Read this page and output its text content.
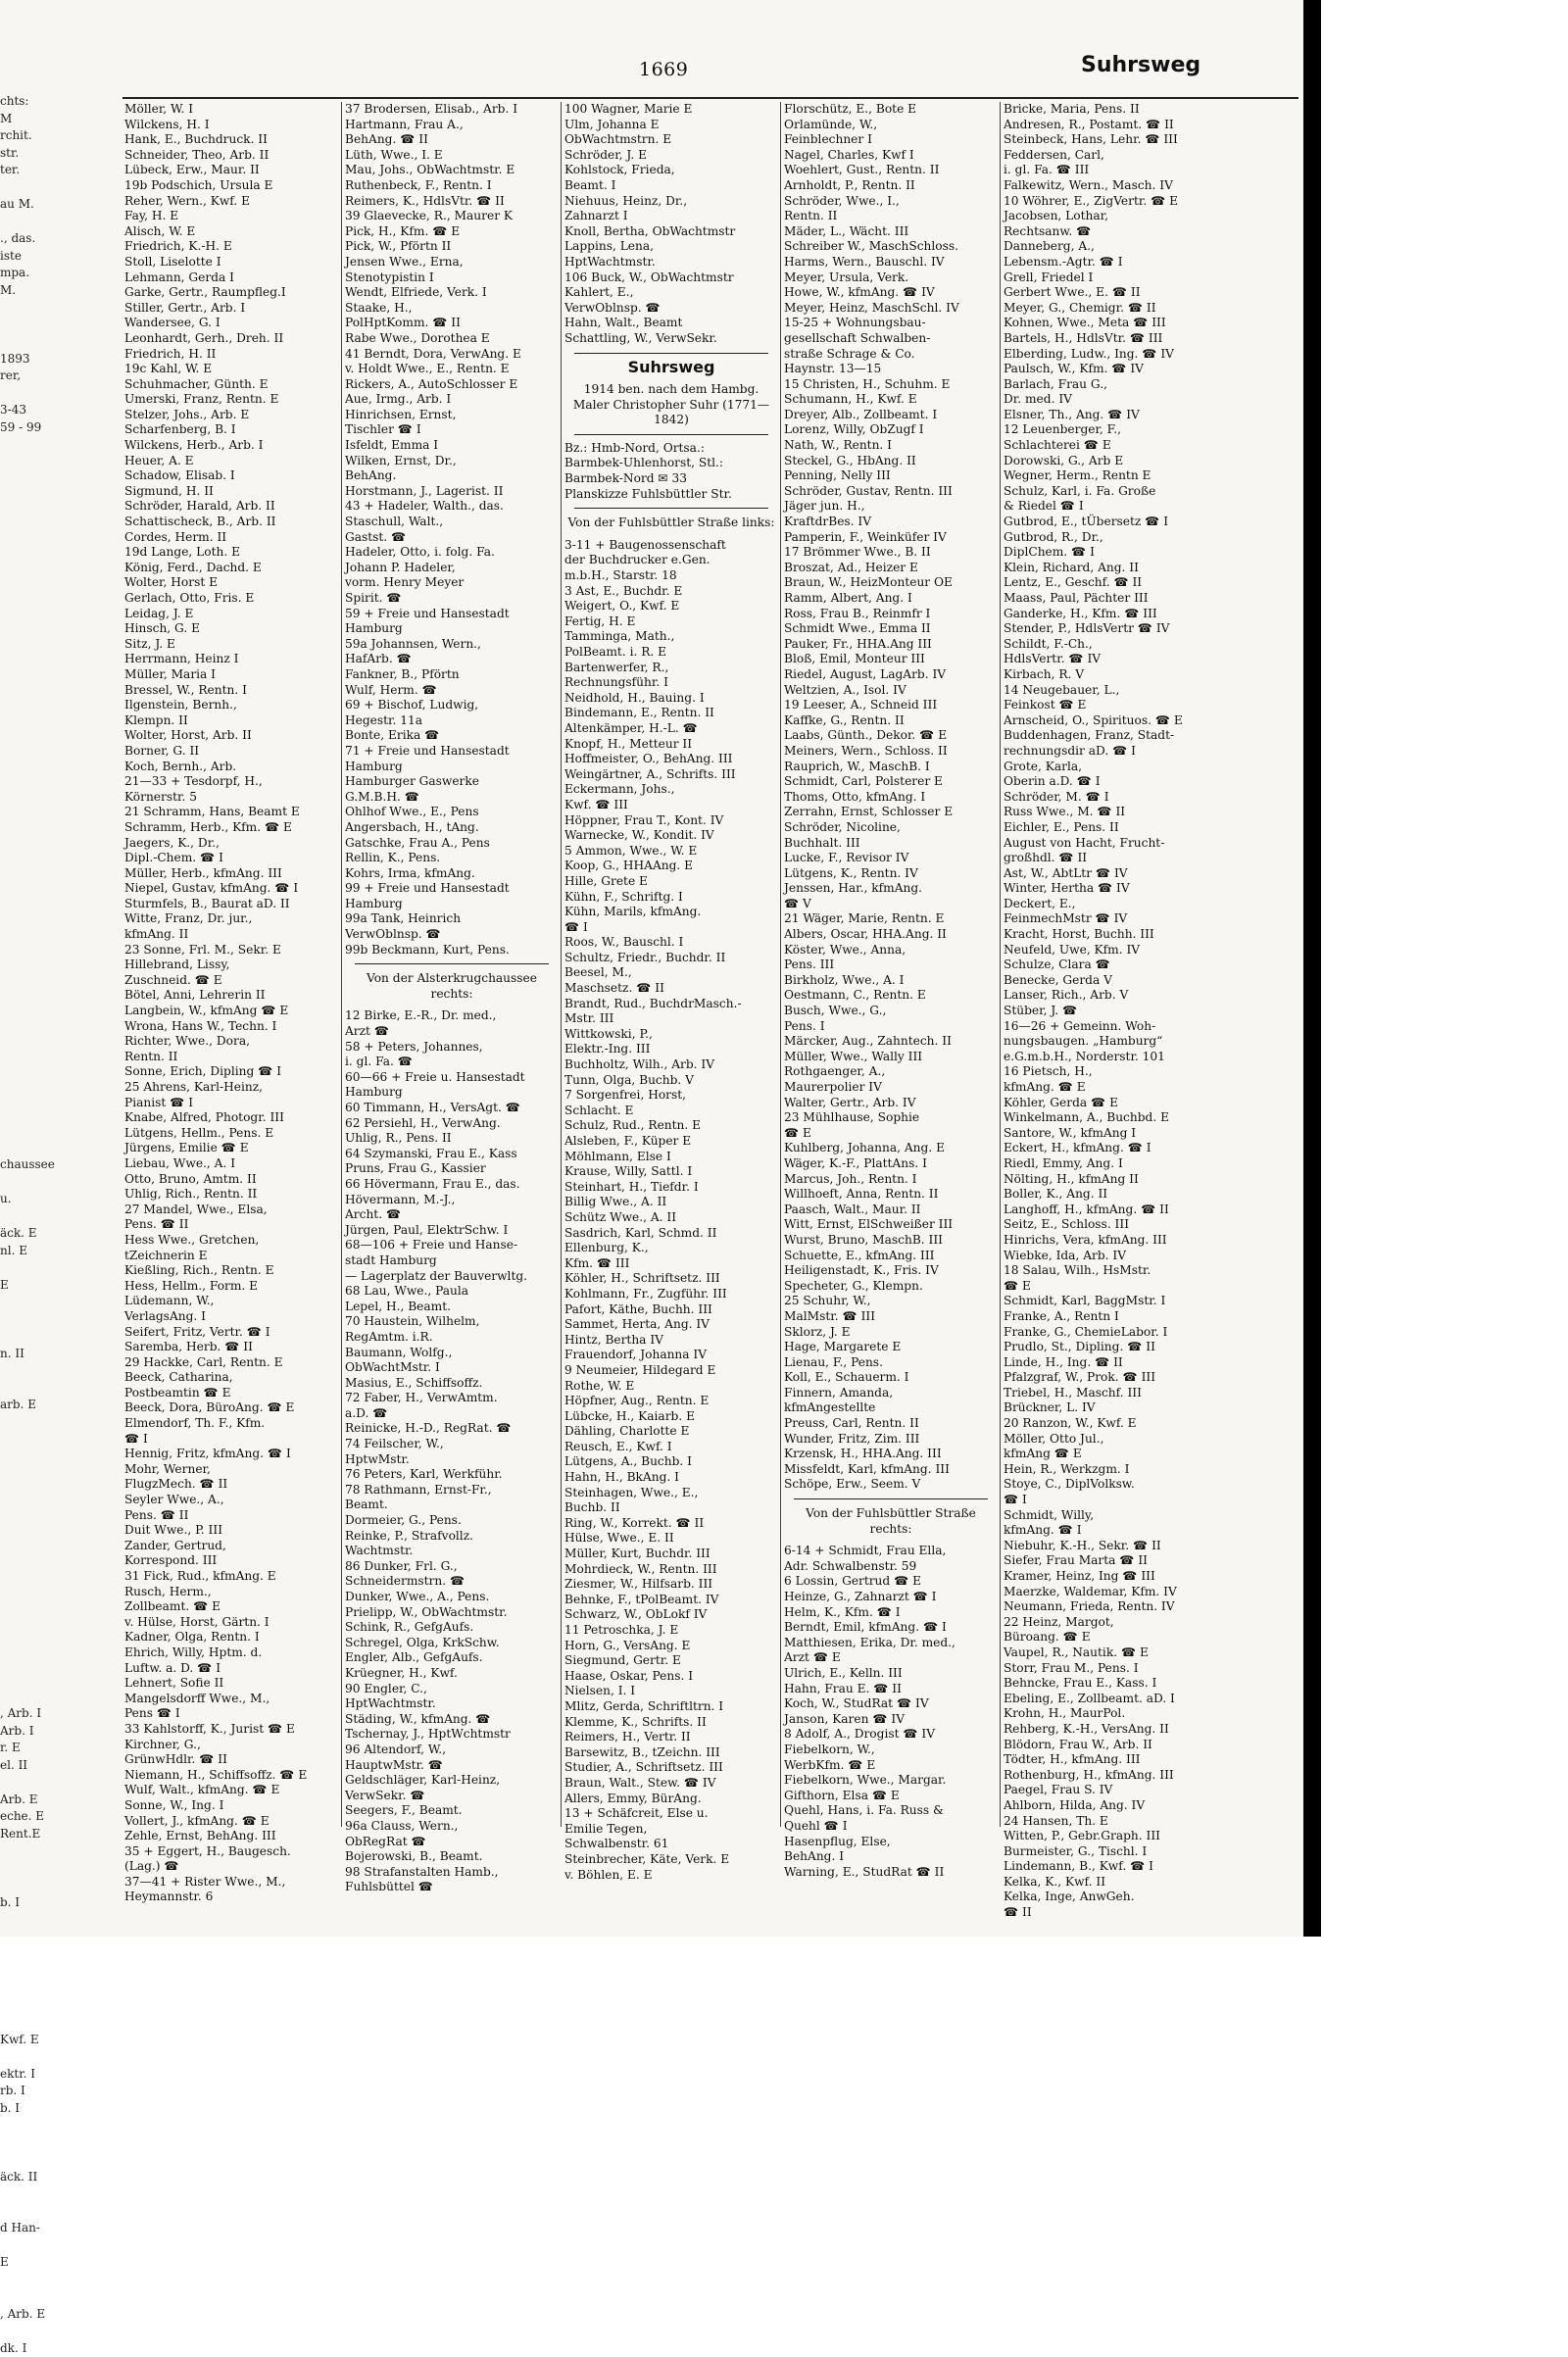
chts:
M
rchit.
str.
ter.
au M.
., das.
iste
mpa.
M.
1893
rer,
3-43
59 - 99
chaussee
u.
äck. E
nl. E
E
n. II
arb. E
, Arb. I
Arb. I
r. E
el. II
Arb. E
eche. E
Rent.E
b. I
Kwf. E
ektr. I
rb. I
b. I
äck. II
d Han-
E
, Arb. E
dk. I
1669	Suhrsweg
Möller, W. I
Wilckens, H. I
Hank, E., Buchdruck. II
Schneider, Theo, Arb. II
Lübeck, Erw., Maur. II
19b Podschich, Ursula E
Reher, Wern., Kwf. E
Fay, H. E
Alisch, W. E
Friedrich, K.-H. E
Stoll, Liselotte I
Lehmann, Gerda I
Garke, Gertr., Raumpfleg.I
Stiller, Gertr., Arb. I
Wandersee, G. I
Leonhardt, Gerh., Dreh. II
Friedrich, H. II
19c Kahl, W. E
Schuhmacher, Günth. E
Umerski, Franz, Rentn. E
Stelzer, Johs., Arb. E
Scharfenberg, B. I
Wilckens, Herb., Arb. I
Heuer, A. E
Schadow, Elisab. I
Sigmund, H. II
Schröder, Harald, Arb. II
Schattischeck, B., Arb. II
Cordes, Herm. II
19d Lange, Loth. E
König, Ferd., Dachd. E
Wolter, Horst E
Gerlach, Otto, Fris. E
Leidag, J. E
Hinsch, G. E
Sitz, J. E
Herrmann, Heinz I
Müller, Maria I
Bressel, W., Rentn. I
Ilgenstein, Bernh.,
Klempn. II
Wolter, Horst, Arb. II
Borner, G. II
Koch, Bernh., Arb.
21—33 + Tesdorpf, H.,
Körnerstr. 5
21 Schramm, Hans, Beamt E
Schramm, Herb., Kfm. ☎ E
Jaegers, K., Dr.,
Dipl.-Chem. ☎ I
Müller, Herb., kfmAng. III
Niepel, Gustav, kfmAng. ☎ I
Sturmfels, B., Baurat aD. II
Witte, Franz, Dr. jur.,
kfmAng. II
23 Sonne, Frl. M., Sekr. E
Hillebrand, Lissy,
Zuschneid. ☎ E
Bötel, Anni, Lehrerin II
Langbein, W., kfmAng ☎ E
Wrona, Hans W., Techn. I
Richter, Wwe., Dora,
Rentn. II
Sonne, Erich, Dipling ☎ I
25 Ahrens, Karl-Heinz,
Pianist ☎ I
Knabe, Alfred, Photogr. III
Lütgens, Hellm., Pens. E
Jürgens, Emilie ☎ E
Liebau, Wwe., A. I
Otto, Bruno, Amtm. II
Uhlig, Rich., Rentn. II
27 Mandel, Wwe., Elsa,
Pens. ☎ II
Hess Wwe., Gretchen,
tZeichnerin E
Kießling, Rich., Rentn. E
Hess, Hellm., Form. E
Lüdemann, W.,
VerlagsAng. I
Seifert, Fritz, Vertr. ☎ I
Saremba, Herb. ☎ II
29 Hackke, Carl, Rentn. E
Beeck, Catharina,
Postbeamtin ☎ E
Beeck, Dora, BüroAng. ☎ E
Elmendorf, Th. F., Kfm.
☎ I
Hennig, Fritz, kfmAng. ☎ I
Mohr, Werner,
FlugzMech. ☎ II
Seyler Wwe., A.,
Pens. ☎ II
Duit Wwe., P. III
Zander, Gertrud,
Korrespond. III
31 Fick, Rud., kfmAng. E
Rusch, Herm.,
Zollbeamt. ☎ E
v. Hülse, Horst, Gärtn. I
Kadner, Olga, Rentn. I
Ehrich, Willy, Hptm. d.
Luftw. a. D. ☎ I
Lehnert, Sofie II
Mangelsdorff Wwe., M.,
Pens ☎ I
33 Kahlstorff, K., Jurist ☎ E
Kirchner, G.,
GrünwHdlr. ☎ II
Niemann, H., Schiffsoffz. ☎ E
Wulf, Walt., kfmAng. ☎ E
Sonne, W., Ing. I
Vollert, J., kfmAng. ☎ E
Zehle, Ernst, BehAng. III
35 + Eggert, H., Baugesch.
(Lag.) ☎
37—41 + Rister Wwe., M.,
Heymannstr. 6
37 Brodersen, Elisab., Arb. I
Hartmann, Frau A.,
BehAng. ☎ II
Lüth, Wwe., I. E
Mau, Johs., ObWachtmstr. E
Ruthenbeck, F., Rentn. I
Reimers, K., HdlsVtr. ☎ II
39 Glaevecke, R., Maurer K
Pick, H., Kfm. ☎ E
Pick, W., Pförtn II
Jensen Wwe., Erna,
Stenotypistin I
Wendt, Elfriede, Verk. I
Staake, H.,
PolHptKomm. ☎ II
Rabe Wwe., Dorothea E
41 Berndt, Dora, VerwAng. E
v. Holdt Wwe., E., Rentn. E
Rickers, A., AutoSchlosser E
Aue, Irmg., Arb. I
Hinrichsen, Ernst,
Tischler ☎ I
Isfeldt, Emma I
Wilken, Ernst, Dr.,
BehAng.
Horstmann, J., Lagerist. II
43 + Hadeler, Walth., das.
Staschull, Walt.,
Gastst. ☎
Hadeler, Otto, i. folg. Fa.
Johann P. Hadeler,
vorm. Henry Meyer
Spirit. ☎
59 + Freie und Hansestadt
Hamburg
59a Johannsen, Wern.,
HafArb. ☎
Fankner, B., Pförtn
Wulf, Herm. ☎
69 + Bischof, Ludwig,
Hegestr. 11a
Bonte, Erika ☎
71 + Freie und Hansestadt
Hamburg
Hamburger Gaswerke
G.M.B.H. ☎
Ohlhof Wwe., E., Pens
Angersbach, H., tAng.
Gatschke, Frau A., Pens
Rellin, K., Pens.
Kohrs, Irma, kfmAng.
99 + Freie und Hansestadt
Hamburg
99a Tank, Heinrich
VerwOblnsp. ☎
99b Beckmann, Kurt, Pens.
Von der Alsterkrugchaussee rechts:
12 Birke, E.-R., Dr. med.,
Arzt ☎
58 + Peters, Johannes,
i. gl. Fa. ☎
60—66 + Freie u. Hansestadt
Hamburg
60 Timmann, H., VersAgt. ☎
62 Persiehl, H., VerwAng.
Uhlig, R., Pens. II
64 Szymanski, Frau E., Kass
Pruns, Frau G., Kassier
66 Hövermann, Frau E., das.
Hövermann, M.-J.,
Archt. ☎
Jürgen, Paul, ElektrSchw. I
68—106 + Freie und Hanse-
stadt Hamburg
— Lagerplatz der Bauverwltg.
68 Lau, Wwe., Paula
Lepel, H., Beamt.
70 Haustein, Wilhelm,
RegAmtm. i.R.
Baumann, Wolfg.,
ObWachtMstr. I
Masius, E., Schiffsoffz.
72 Faber, H., VerwAmtm.
a.D. ☎
Reinicke, H.-D., RegRat. ☎
74 Feilscher, W.,
HptwMstr.
76 Peters, Karl, Werkführ.
78 Rathmann, Ernst-Fr.,
Beamt.
Dormeier, G., Pens.
Reinke, P., Strafvollz.
Wachtmstr.
86 Dunker, Frl. G.,
Schneidermstrn. ☎
Dunker, Wwe., A., Pens.
Prielipp, W., ObWachtmstr.
Schink, R., GefgAufs.
Schregel, Olga, KrkSchw.
Engler, Alb., GefgAufs.
Krüegner, H., Kwf.
90 Engler, C.,
HptWachtmstr.
Städing, W., kfmAng. ☎
Tschernay, J., HptWchtmstr
96 Altendorf, W.,
HauptwMstr. ☎
Geldschläger, Karl-Heinz,
VerwSekr. ☎
Seegers, F., Beamt.
96a Clauss, Wern.,
ObRegRat ☎
Bojerowski, B., Beamt.
98 Strafanstalten Hamb.,
Fuhlsbüttel ☎
100 Wagner, Marie E
Ulm, Johanna E
ObWachtmstrn. E
Schröder, J. E
Kohlstock, Frieda,
Beamt. I
Niehuus, Heinz, Dr.,
Zahnarzt I
Knoll, Bertha, ObWachtmstr
Lappins, Lena,
HptWachtmstr.
106 Buck, W., ObWachtmstr
Kahlert, E.,
VerwOblnsp. ☎
Hahn, Walt., Beamt
Schattling, W., VerwSekr.
Suhrsweg
1914 ben. nach dem Hambg. Maler Christopher Suhr (1771—1842)
Bz.: Hmb-Nord, Ortsa.:
Barmbek-Uhlenhorst, Stl.:
Barmbek-Nord ✉ 33
Planskizze Fuhlsbüttler Str.
Von der Fuhlsbüttler Straße links:
3-11 + Baugenossenschaft
der Buchdrucker e.Gen.
m.b.H., Starstr. 18
3 Ast, E., Buchdr. E
Weigert, O., Kwf. E
Fertig, H. E
Tamminga, Math.,
PolBeamt. i. R. E
Bartenwerfer, R.,
Rechnungsführ. I
Neidhold, H., Bauing. I
Bindemann, E., Rentn. II
Altenkämper, H.-L. ☎
Knopf, H., Metteur II
Hoffmeister, O., BehAng. III
Weingärtner, A., Schrifts. III
Eckermann, Johs.,
Kwf. ☎ III
Höppner, Frau T., Kont. IV
Warnecke, W., Kondit. IV
5 Ammon, Wwe., W. E
Koop, G., HHAAng. E
Hille, Grete E
Kühn, F., Schriftg. I
Kühn, Marils, kfmAng.
☎ I
Roos, W., Bauschl. I
Schultz, Friedr., Buchdr. II
Beesel, M.,
Maschsetz. ☎ II
Brandt, Rud., BuchdrMasch.-
Mstr. III
Wittkowski, P.,
Elektr.-Ing. III
Buchholtz, Wilh., Arb. IV
Tunn, Olga, Buchb. V
7 Sorgenfrei, Horst,
Schlacht. E
Schulz, Rud., Rentn. E
Alsleben, F., Küper E
Möhlmann, Else I
Krause, Willy, Sattl. I
Steinhart, H., Tiefdr. I
Billig Wwe., A. II
Schütz Wwe., A. II
Sasdrich, Karl, Schmd. II
Ellenburg, K.,
Kfm. ☎ III
Köhler, H., Schriftsetz. III
Kohlmann, Fr., Zugführ. III
Pafort, Käthe, Buchh. III
Sammet, Herta, Ang. IV
Hintz, Bertha IV
Frauendorf, Johanna IV
9 Neumeier, Hildegard E
Rothe, W. E
Höpfner, Aug., Rentn. E
Lübcke, H., Kaiarb. E
Dähling, Charlotte E
Reusch, E., Kwf. I
Lütgens, A., Buchb. I
Hahn, H., BkAng. I
Steinhagen, Wwe., E.,
Buchb. II
Ring, W., Korrekt. ☎ II
Hülse, Wwe., E. II
Müller, Kurt, Buchdr. III
Mohrdieck, W., Rentn. III
Ziesmer, W., Hilfsarb. III
Behnke, F., tPolBeamt. IV
Schwarz, W., ObLokf IV
11 Petroschka, J. E
Horn, G., VersAng. E
Siegmund, Gertr. E
Haase, Oskar, Pens. I
Nielsen, I. I
Mlitz, Gerda, Schriftltrn. I
Klemme, K., Schrifts. II
Reimers, H., Vertr. II
Barsewitz, B., tZeichn. III
Studier, A., Schriftsetz. III
Braun, Walt., Stew. ☎ IV
Allers, Emmy, BürAng.
13 + Schäfcreit, Else u.
Emilie Tegen,
Schwalbenstr. 61
Steinbrecher, Käte, Verk. E
v. Böhlen, E. E
Florschütz, E., Bote E
Orlamünde, W.,
Feinblechner I
Nagel, Charles, Kwf I
Woehlert, Gust., Rentn. II
Arnholdt, P., Rentn. II
Schröder, Wwe., I.,
Rentn. II
Mäder, L., Wächt. III
Schreiber W., MaschSchloss.
Harms, Wern., Bauschl. IV
Meyer, Ursula, Verk.
Howe, W., kfmAng. ☎ IV
Meyer, Heinz, MaschSchl. IV
15-25 + Wohnungsbau-
gesellschaft Schwalben-
straße Schrage & Co.
Haynstr. 13—15
15 Christen, H., Schuhm. E
Schumann, H., Kwf. E
Dreyer, Alb., Zollbeamt. I
Lorenz, Willy, ObZugf I
Nath, W., Rentn. I
Steckel, G., HbAng. II
Penning, Nelly III
Schröder, Gustav, Rentn. III
Jäger jun. H.,
KraftdrBes. IV
Pamperin, F., Weinküfer IV
17 Brömmer Wwe., B. II
Broszat, Ad., Heizer E
Braun, W., HeizMonteur OE
Ramm, Albert, Ang. I
Ross, Frau B., Reinmfr I
Schmidt Wwe., Emma II
Pauker, Fr., HHA.Ang III
Bloß, Emil, Monteur III
Riedel, August, LagArb. IV
Weltzien, A., Isol. IV
19 Leeser, A., Schneid III
Kaffke, G., Rentn. II
Laabs, Günth., Dekor. ☎ E
Meiners, Wern., Schloss. II
Rauprich, W., MaschB. I
Schmidt, Carl, Polsterer E
Thoms, Otto, kfmAng. I
Zerrahn, Ernst, Schlosser E
Schröder, Nicoline,
Buchhalt. III
Lucke, F., Revisor IV
Lütgens, K., Rentn. IV
Jenssen, Har., kfmAng.
☎ V
21 Wäger, Marie, Rentn. E
Albers, Oscar, HHA.Ang. II
Köster, Wwe., Anna,
Pens. III
Birkholz, Wwe., A. I
Oestmann, C., Rentn. E
Busch, Wwe., G.,
Pens. I
Märcker, Aug., Zahntech. II
Müller, Wwe., Wally III
Rothgaenger, A.,
Maurerpolier IV
Walter, Gertr., Arb. IV
23 Mühlhause, Sophie
☎ E
Kuhlberg, Johanna, Ang. E
Wäger, K.-F., PlattAns. I
Marcus, Joh., Rentn. I
Willhoeft, Anna, Rentn. II
Paasch, Walt., Maur. II
Witt, Ernst, ElSchweißer III
Wurst, Bruno, MaschB. III
Schuette, E., kfmAng. III
Heiligenstadt, K., Fris. IV
Specheter, G., Klempn.
25 Schuhr, W.,
MalMstr. ☎ III
Sklorz, J. E
Hage, Margarete E
Lienau, F., Pens.
Koll, E., Schauerm. I
Finnern, Amanda,
kfmAngestellte
Preuss, Carl, Rentn. II
Wunder, Fritz, Zim. III
Krzensk, H., HHA.Ang. III
Missfeldt, Karl, kfmAng. III
Schöpe, Erw., Seem. V
Von der Fuhlsbüttler Straße rechts:
6-14 + Schmidt, Frau Ella,
Adr. Schwalbenstr. 59
6 Lossin, Gertrud ☎ E
Heinze, G., Zahnarzt ☎ I
Helm, K., Kfm. ☎ I
Berndt, Emil, kfmAng. ☎ I
Matthiesen, Erika, Dr. med.,
Arzt ☎ E
Ulrich, E., Kelln. III
Hahn, Frau E. ☎ II
Koch, W., StudRat ☎ IV
Janson, Karen ☎ IV
8 Adolf, A., Drogist ☎ IV
Fiebelkorn, W.,
WerbKfm. ☎ E
Fiebelkorn, Wwe., Margar.
Gifthorn, Elsa ☎ E
Quehl, Hans, i. Fa. Russ &
Quehl ☎ I
Hasenpflug, Else,
BehAng. I
Warning, E., StudRat ☎ II
Bricke, Maria, Pens. II
Andresen, R., Postamt. ☎ II
Steinbeck, Hans, Lehr. ☎ III
Feddersen, Carl,
i. gl. Fa. ☎ III
Falkewitz, Wern., Masch. IV
10 Wöhrer, E., ZigVertr. ☎ E
Jacobsen, Lothar,
Rechtsanw. ☎
Danneberg, A.,
Lebensm.-Agtr. ☎ I
Grell, Friedel I
Gerbert Wwe., E. ☎ II
Meyer, G., Chemigr. ☎ II
Kohnen, Wwe., Meta ☎ III
Bartels, H., HdlsVtr. ☎ III
Elberding, Ludw., Ing. ☎ IV
Paulsch, W., Kfm. ☎ IV
Barlach, Frau G.,
Dr. med. IV
Elsner, Th., Ang. ☎ IV
12 Leuenberger, F.,
Schlachterei ☎ E
Dorowski, G., Arb E
Wegner, Herm., Rentn E
Schulz, Karl, i. Fa. Große
& Riedel ☎ I
Gutbrod, E., tÜbersetz ☎ I
Gutbrod, R., Dr.,
DiplChem. ☎ I
Klein, Richard, Ang. II
Lentz, E., Geschf. ☎ II
Maass, Paul, Pächter III
Ganderke, H., Kfm. ☎ III
Stender, P., HdlsVertr ☎ IV
Schildt, F.-Ch.,
HdlsVertr. ☎ IV
Kirbach, R. V
14 Neugebauer, L.,
Feinkost ☎ E
Arnscheid, O., Spirituos. ☎ E
Buddenhagen, Franz, Stadt-
rechnungsdir aD. ☎ I
Grote, Karla,
Oberin a.D. ☎ I
Schröder, M. ☎ I
Russ Wwe., M. ☎ II
Eichler, E., Pens. II
August von Hacht, Frucht-
großhdl. ☎ II
Ast, W., AbtLtr ☎ IV
Winter, Hertha ☎ IV
Deckert, E.,
FeinmechMstr ☎ IV
Kracht, Horst, Buchh. III
Neufeld, Uwe, Kfm. IV
Schulze, Clara ☎
Benecke, Gerda V
Lanser, Rich., Arb. V
Stüber, J. ☎
16—26 + Gemeinn. Woh-
nungsbaugen. „Hamburg“
e.G.m.b.H., Norderstr. 101
16 Pietsch, H.,
kfmAng. ☎ E
Köhler, Gerda ☎ E
Winkelmann, A., Buchbd. E
Santore, W., kfmAng I
Eckert, H., kfmAng. ☎ I
Riedl, Emmy, Ang. I
Nölting, H., kfmAng II
Boller, K., Ang. II
Langhoff, H., kfmAng. ☎ II
Seitz, E., Schloss. III
Hinrichs, Vera, kfmAng. III
Wiebke, Ida, Arb. IV
18 Salau, Wilh., HsMstr.
☎ E
Schmidt, Karl, BaggMstr. I
Franke, A., Rentn I
Franke, G., ChemieLabor. I
Prudlo, St., Dipling. ☎ II
Linde, H., Ing. ☎ II
Pfalzgraf, W., Prok. ☎ III
Triebel, H., Maschf. III
Brückner, L. IV
20 Ranzon, W., Kwf. E
Möller, Otto Jul.,
kfmAng ☎ E
Hein, R., Werkzgm. I
Stoye, C., DiplVolksw.
☎ I
Schmidt, Willy,
kfmAng. ☎ I
Niebuhr, K.-H., Sekr. ☎ II
Siefer, Frau Marta ☎ II
Kramer, Heinz, Ing ☎ III
Maerzke, Waldemar, Kfm. IV
Neumann, Frieda, Rentn. IV
22 Heinz, Margot,
Büroang. ☎ E
Vaupel, R., Nautik. ☎ E
Storr, Frau M., Pens. I
Behncke, Frau E., Kass. I
Ebeling, E., Zollbeamt. aD. I
Krohn, H., MaurPol.
Rehberg, K.-H., VersAng. II
Blödorn, Frau W., Arb. II
Tödter, H., kfmAng. III
Rothenburg, H., kfmAng. III
Paegel, Frau S. IV
Ahlborn, Hilda, Ang. IV
24 Hansen, Th. E
Witten, P., Gebr.Graph. III
Burmeister, G., Tischl. I
Lindemann, B., Kwf. ☎ I
Kelka, K., Kwf. II
Kelka, Inge, AnwGeh.
☎ II
